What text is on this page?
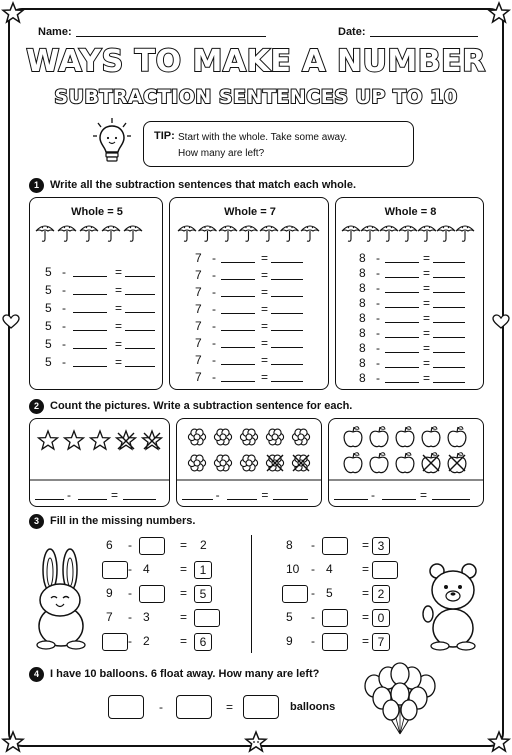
Name:	Date:
WAYS TO MAKE A NUMBER
SUBTRACTION SENTENCES UP TO 10
TIP: Start with the whole. Take some away.
How many are left?
1	Write all the subtraction sentences that match each whole.
Whole = 5	Whole = 7	Whole = 8
5 -	=
5 -	=
5 -	=
5 -	=
5 -	=
5 -	=
7 -	=
7 -	=
7 -	=
7 -	=
7 -	=
7 -	=
7 -	=
7 -	=
8 -	=
8 -	=
8 -	=
8 -	=
8 -	=
8 -	=
8 -	=
8 -	=
8 -	=
2	Count the pictures. Write a subtraction sentence for each.
-	=	-	=	-	=
3	Fill in the missing numbers.
6 -	= 2
- 4	=	1
9 -	=	5
7 - 3	=
- 2	=	6
8 -	= 3
10 - 4 =
- 5 = 2
5 -	= 0
9 -	= 7
4	I have 10 balloons. 6 float away. How many are left?
-	=	balloons
